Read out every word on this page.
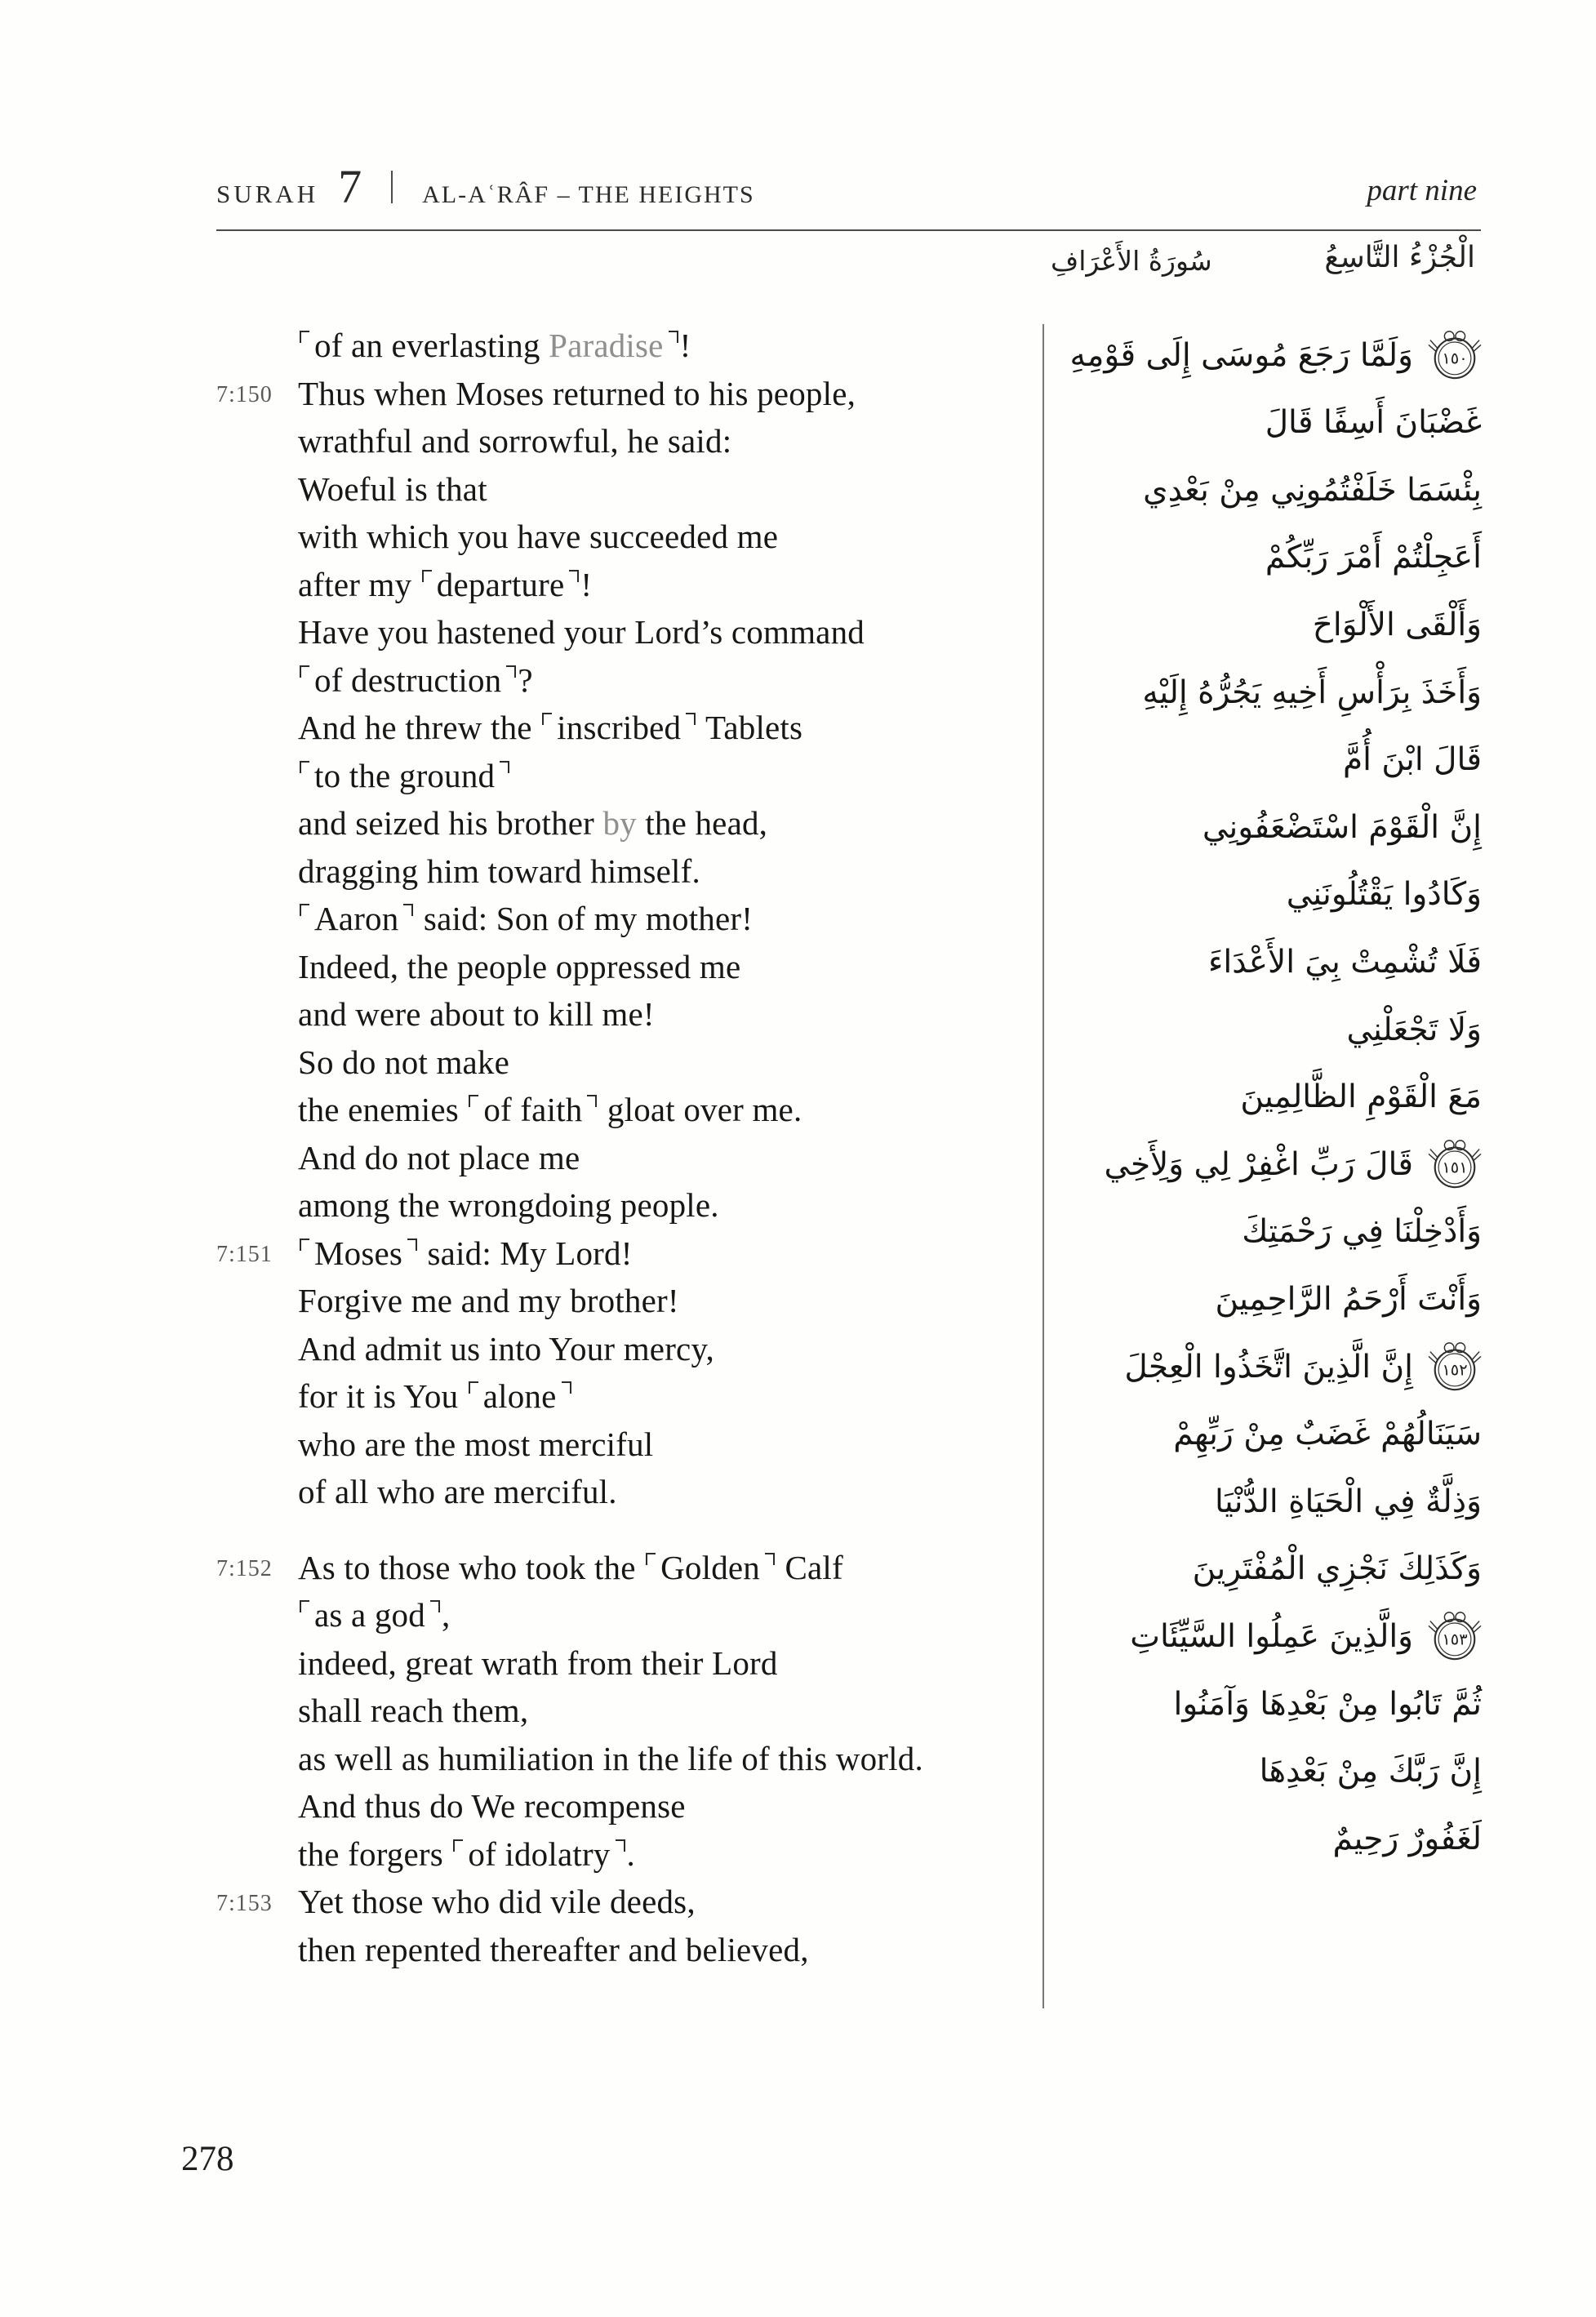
SURAH 7 AL-AʿRÂF – THE HEIGHTS	part nine
سُورَةُ الأَعْرَافِ	الْجُزْءُ التَّاسِعُ
of an everlasting Paradise !
7:150 Thus when Moses returned to his people,
wrathful and sorrowful, he said:
Woeful is that
with which you have succeeded me
after my departure !
Have you hastened your Lord’s command
of destruction ?
And he threw the inscribed Tablets
to the ground
and seized his brother by the head,
dragging him toward himself.
Aaron said: Son of my mother!
Indeed, the people oppressed me
and were about to kill me!
So do not make
the enemies of faith gloat over me.
And do not place me
among the wrongdoing people.
7:151	Moses said: My Lord!
Forgive me and my brother!
And admit us into Your mercy,
for it is You alone
who are the most merciful
of all who are merciful.
7:152 As to those who took the Golden Calf
as a god ,
indeed, great wrath from their Lord
shall reach them,
as well as humiliation in the life of this world.
And thus do We recompense
the forgers of idolatry .
7:153 Yet those who did vile deeds,
then repented thereafter and believed,
١٥٠
وَلَمَّا رَجَعَ مُوسَى إِلَى قَوْمِهِ
غَضْبَانَ أَسِفًا قَالَ
بِئْسَمَا خَلَفْتُمُونِي مِنْ بَعْدِي
أَعَجِلْتُمْ أَمْرَ رَبِّكُمْ
وَأَلْقَى الأَلْوَاحَ
وَأَخَذَ بِرَأْسِ أَخِيهِ يَجُرُّهُ إِلَيْهِ
قَالَ ابْنَ أُمَّ
إِنَّ الْقَوْمَ اسْتَضْعَفُونِي
وَكَادُوا يَقْتُلُونَنِي
فَلَا تُشْمِتْ بِيَ الأَعْدَاءَ
وَلَا تَجْعَلْنِي
مَعَ الْقَوْمِ الظَّالِمِينَ
١٥١
قَالَ رَبِّ اغْفِرْ لِي وَلِأَخِي
وَأَدْخِلْنَا فِي رَحْمَتِكَ
وَأَنْتَ أَرْحَمُ الرَّاحِمِينَ
١٥٢
إِنَّ الَّذِينَ اتَّخَذُوا الْعِجْلَ
سَيَنَالُهُمْ غَضَبٌ مِنْ رَبِّهِمْ
وَذِلَّةٌ فِي الْحَيَاةِ الدُّنْيَا
وَكَذَلِكَ نَجْزِي الْمُفْتَرِينَ
١٥٣
وَالَّذِينَ عَمِلُوا السَّيِّئَاتِ
ثُمَّ تَابُوا مِنْ بَعْدِهَا وَآمَنُوا
إِنَّ رَبَّكَ مِنْ بَعْدِهَا
لَغَفُورٌ رَحِيمٌ
278
